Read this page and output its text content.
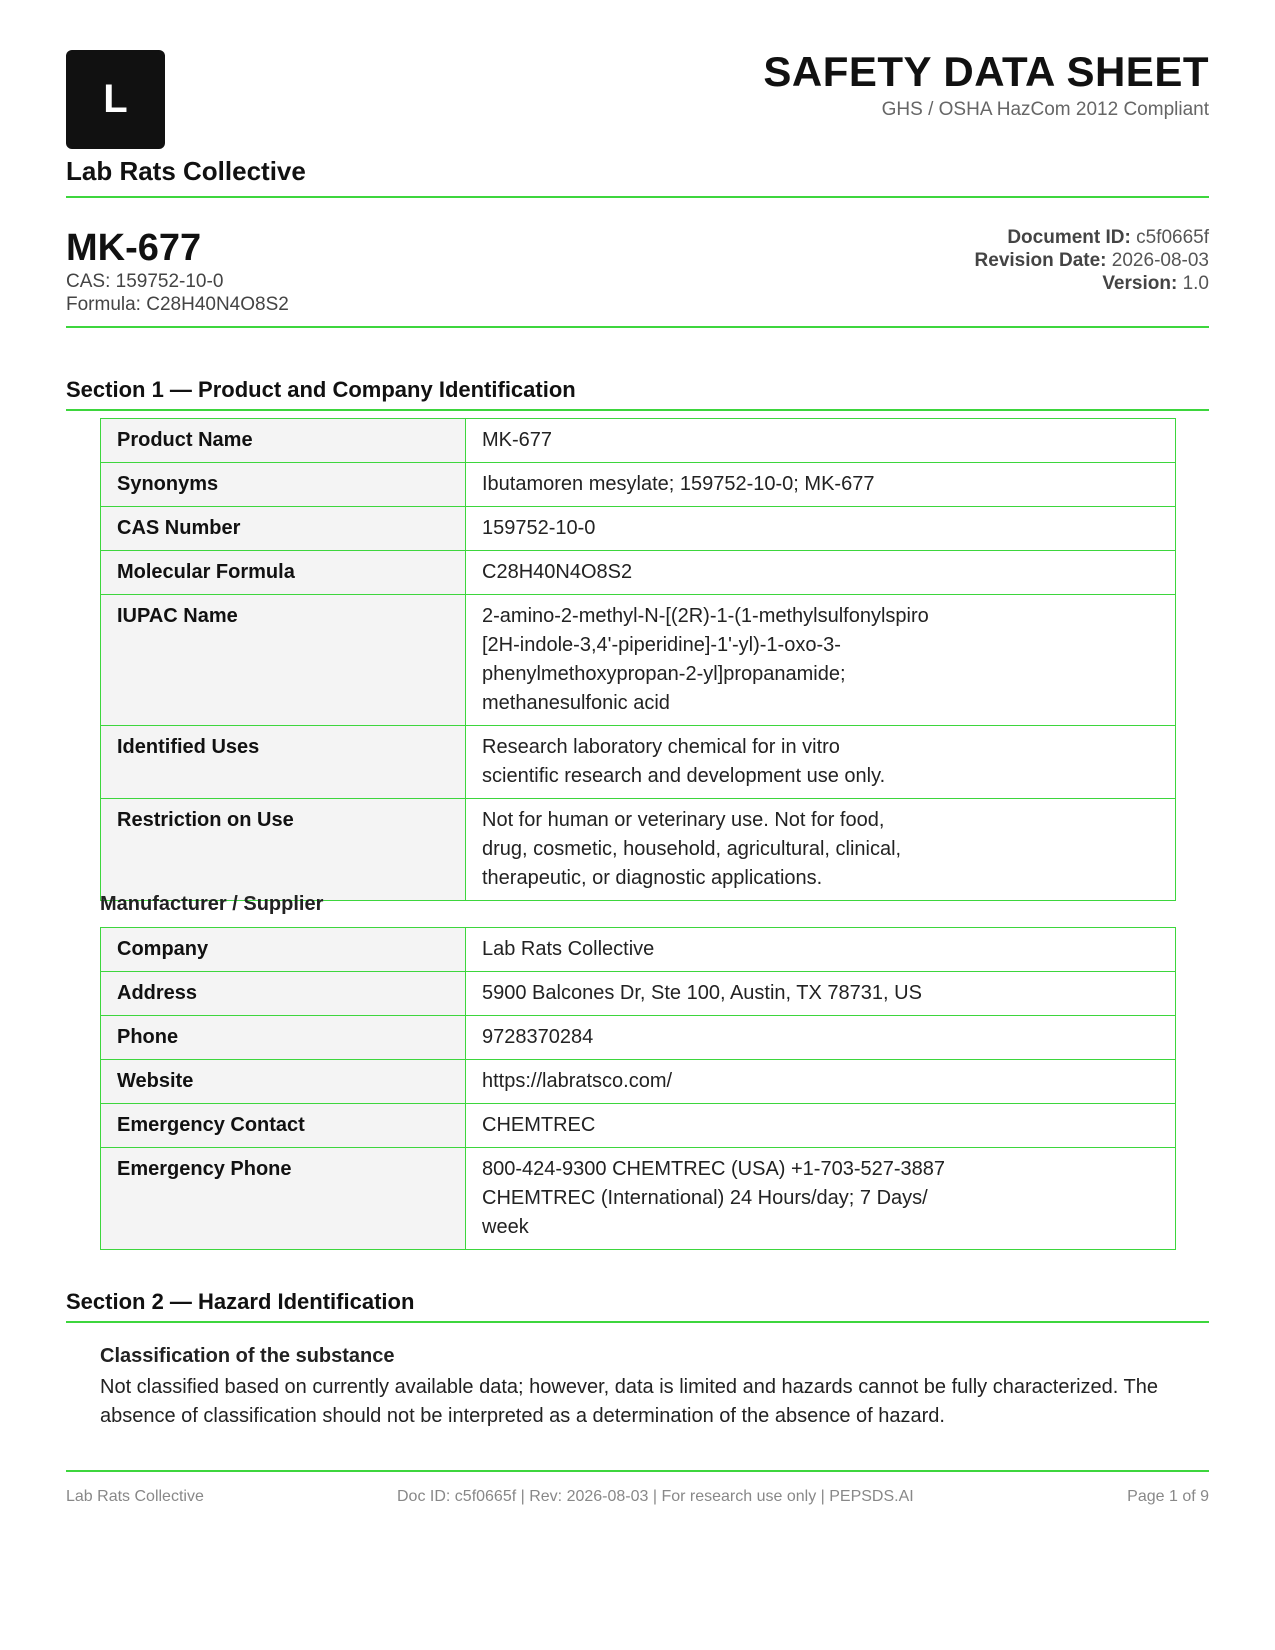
L
Lab Rats Collective
SAFETY DATA SHEET
GHS / OSHA HazCom 2012 Compliant
MK-677
CAS: 159752-10-0
Formula: C28H40N4O8S2
Document ID: c5f0665f
Revision Date: 2026-08-03
Version: 1.0
Section 1 — Product and Company Identification
Product Name	MK-677
Synonyms	Ibutamoren mesylate; 159752-10-0; MK-677
CAS Number	159752-10-0
Molecular Formula	C28H40N4O8S2
IUPAC Name	2-amino-2-methyl-N-[(2R)-1-(1-methylsulfonylspiro
[2H-indole-3,4'-piperidine]-1'-yl)-1-oxo-3-
phenylmethoxypropan-2-yl]propanamide;
methanesulfonic acid
Identified Uses	Research laboratory chemical for in vitro
scientific research and development use only.
Restriction on Use	Not for human or veterinary use. Not for food,
drug, cosmetic, household, agricultural, clinical,
therapeutic, or diagnostic applications.
Manufacturer / Supplier
Company	Lab Rats Collective
Address	5900 Balcones Dr, Ste 100, Austin, TX 78731, US
Phone	9728370284
Website	https://labratsco.com/
Emergency Contact	CHEMTREC
Emergency Phone	800-424-9300 CHEMTREC (USA) +1-703-527-3887
CHEMTREC (International) 24 Hours/day; 7 Days/
week
Section 2 — Hazard Identification
Classification of the substance
Not classified based on currently available data; however, data is limited and hazards cannot be fully characterized. The absence of classification should not be interpreted as a determination of the absence of hazard.
Lab Rats Collective	Doc ID: c5f0665f | Rev: 2026-08-03 | For research use only | PEPSDS.AI	Page 1 of 9
